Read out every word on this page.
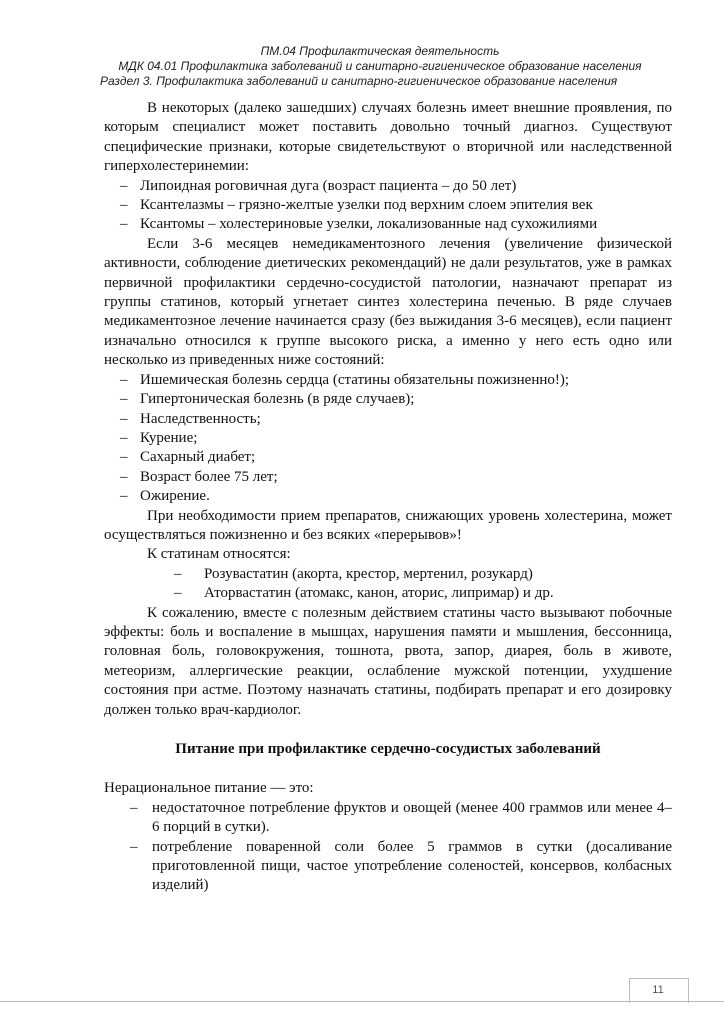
ПМ.04 Профилактическая деятельность
МДК 04.01 Профилактика заболеваний и санитарно-гигиеническое образование населения
Раздел 3. Профилактика заболеваний и санитарно-гигиеническое образование населения

В некоторых (далеко зашедших) случаях болезнь имеет внешние проявления, по которым специалист может поставить довольно точный диагноз. Существуют специфические признаки, которые свидетельствуют о вторичной или наследственной гиперхолестеринемии:

– Липоидная роговичная дуга (возраст пациента – до 50 лет)
– Ксантелазмы – грязно-желтые узелки под верхним слоем эпителия век
– Ксантомы – холестериновые узелки, локализованные над сухожилиями

Если 3-6 месяцев немедикаментозного лечения (увеличение физической активности, соблюдение диетических рекомендаций) не дали результатов, уже в рамках первичной профилактики сердечно-сосудистой патологии, назначают препарат из группы статинов, который угнетает синтез холестерина печенью. В ряде случаев медикаментозное лечение начинается сразу (без выжидания 3-6 месяцев), если пациент изначально относился к группе высокого риска, а именно у него есть одно или несколько из приведенных ниже состояний:

– Ишемическая болезнь сердца (статины обязательны пожизненно!);
– Гипертоническая болезнь (в ряде случаев);
– Наследственность;
– Курение;
– Сахарный диабет;
– Возраст более 75 лет;
– Ожирение.

При необходимости прием препаратов, снижающих уровень холестерина, может осуществляться пожизненно и без всяких «перерывов»!

К статинам относятся:

– Розувастатин (акорта, крестор, мертенил, розукард)
– Аторвастатин (атомакс, канон, аторис, липримар) и др.

К сожалению, вместе с полезным действием статины часто вызывают побочные эффекты: боль и воспаление в мышцах, нарушения памяти и мышления, бессонница, головная боль, головокружения, тошнота, рвота, запор, диарея, боль в животе, метеоризм, аллергические реакции, ослабление мужской потенции, ухудшение состояния при астме. Поэтому назначать статины, подбирать препарат и его дозировку должен только врач-кардиолог.

Питание при профилактике сердечно-сосудистых заболеваний

Нерациональное питание — это:

– недостаточное потребление фруктов и овощей (менее 400 граммов или менее 4–6 порций в сутки).
– потребление поваренной соли более 5 граммов в сутки (досаливание приготовленной пищи, частое употребление соленостей, консервов, колбасных изделий)
11
